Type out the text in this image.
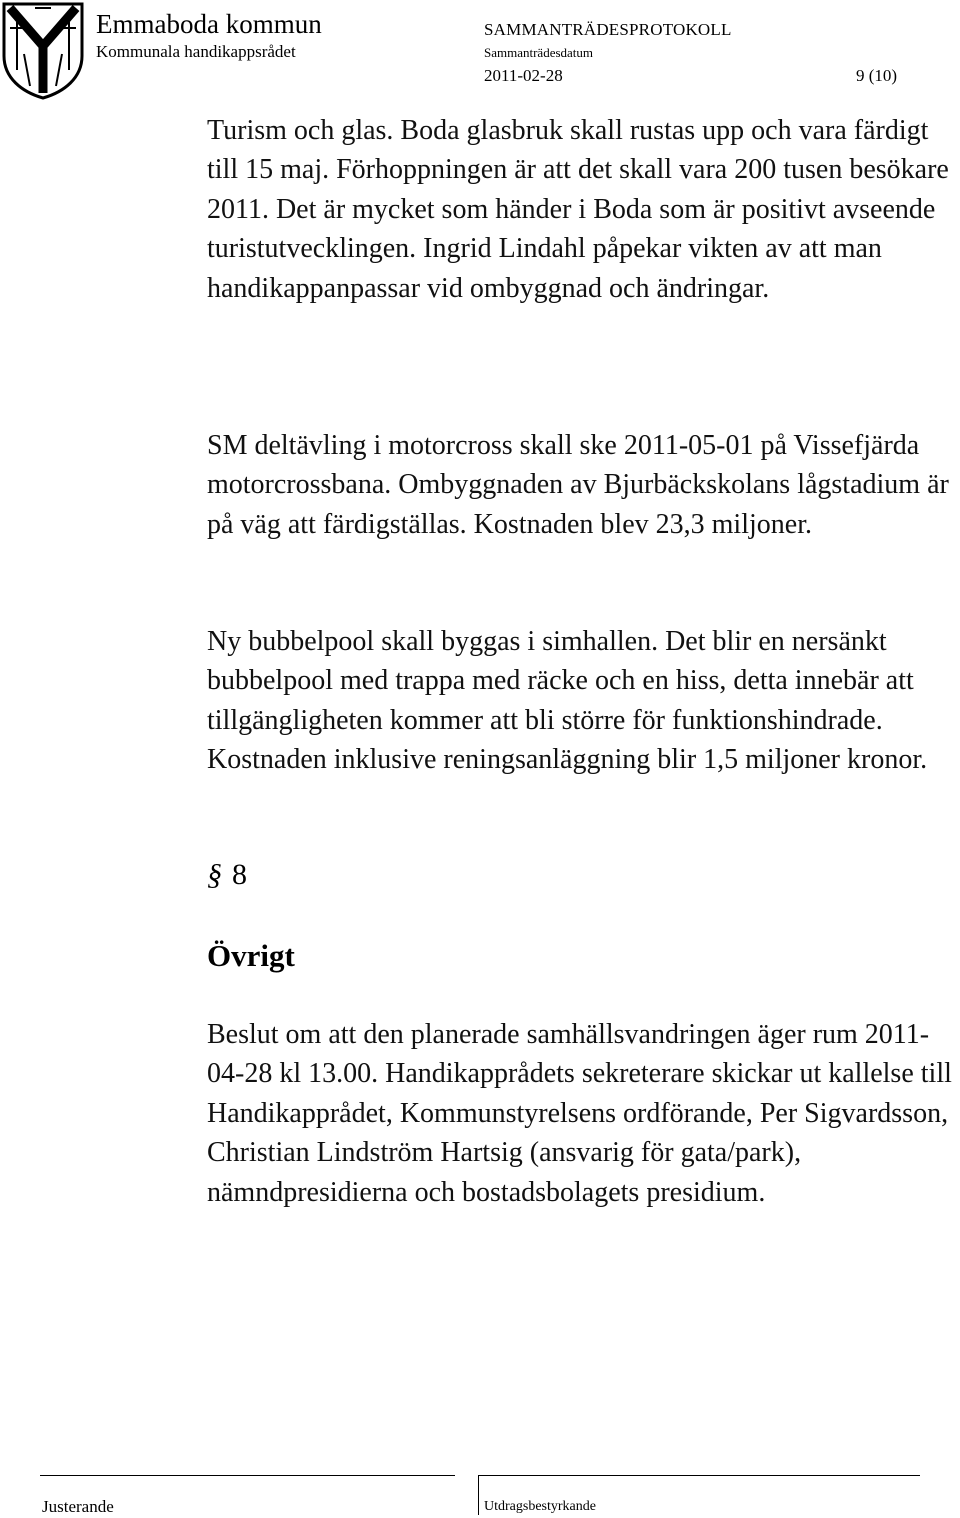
Emmaboda kommun
Kommunala handikappsrådet
SAMMANTRÄDESPROTOKOLL
Sammanträdesdatum
2011-02-28	9 (10)

Turism och glas. Boda glasbruk skall rustas upp och vara färdigt till 15 maj. Förhoppningen är att det skall vara 200 tusen besökare 2011. Det är mycket som händer i Boda som är positivt avseende turistutvecklingen. Ingrid Lindahl påpekar vikten av att man handikappanpassar vid ombyggnad och ändringar.

SM deltävling i motorcross skall ske 2011-05-01 på Vissefjärda motorcrossbana. Ombyggnaden av Bjurbäckskolans lågstadium är på väg att färdigställas. Kostnaden blev 23,3 miljoner.

Ny bubbelpool skall byggas i simhallen. Det blir en nersänkt bubbelpool med trappa med räcke och en hiss, detta innebär att tillgängligheten kommer att bli större för funktionshindrade. Kostnaden inklusive reningsanläggning blir 1,5 miljoner kronor.

§ 8
Övrigt

Beslut om att den planerade samhällsvandringen äger rum 2011-04-28 kl 13.00. Handikapprådets sekreterare skickar ut kallelse till Handikapprådet, Kommunstyrelsens ordförande, Per Sigvardsson, Christian Lindström Hartsig (ansvarig för gata/park), nämndpresidierna och bostadsbolagets presidium.

Justerande	Utdragsbestyrkande
